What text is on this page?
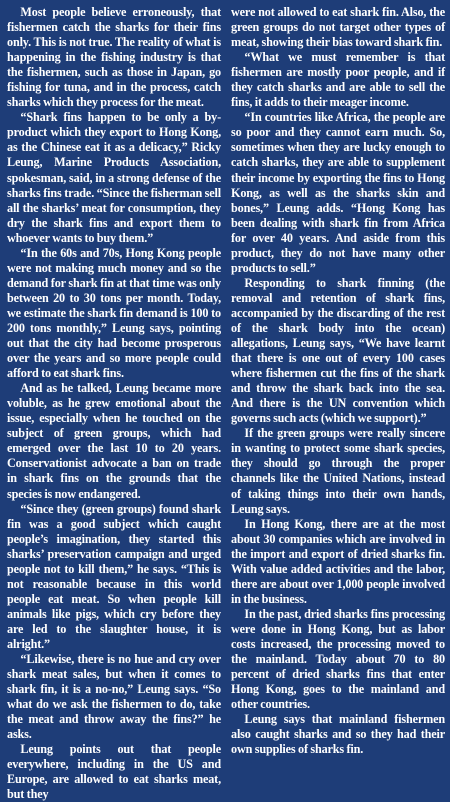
Most people believe erroneously, that fishermen catch the sharks for their fins only. This is not true. The reality of what is happening in the fishing industry is that the fishermen, such as those in Japan, go fishing for tuna, and in the process, catch sharks which they process for the meat.

“Shark fins happen to be only a by-product which they export to Hong Kong, as the Chinese eat it as a delicacy,” Ricky Leung, Marine Products Association, spokesman, said, in a strong defense of the sharks fins trade. “Since the fisherman sell all the sharks’ meat for consumption, they dry the shark fins and export them to whoever wants to buy them.”

“In the 60s and 70s, Hong Kong people were not making much money and so the demand for shark fin at that time was only between 20 to 30 tons per month. Today, we estimate the shark fin demand is 100 to 200 tons monthly,” Leung says, pointing out that the city had become prosperous over the years and so more people could afford to eat shark fins.

And as he talked, Leung became more voluble, as he grew emotional about the issue, especially when he touched on the subject of green groups, which had emerged over the last 10 to 20 years. Conservationist advocate a ban on trade in shark fins on the grounds that the species is now endangered.

“Since they (green groups) found shark fin was a good subject which caught people’s imagination, they started this sharks’ preservation campaign and urged people not to kill them,” he says. “This is not reasonable because in this world people eat meat. So when people kill animals like pigs, which cry before they are led to the slaughter house, it is alright.”

“Likewise, there is no hue and cry over shark meat sales, but when it comes to shark fin, it is a no-no,” Leung says. “So what do we ask the fishermen to do, take the meat and throw away the fins?” he asks.

Leung points out that people everywhere, including in the US and Europe, are allowed to eat sharks meat, but they

were not allowed to eat shark fin. Also, the green groups do not target other types of meat, showing their bias toward shark fin.

“What we must remember is that fishermen are mostly poor people, and if they catch sharks and are able to sell the fins, it adds to their meager income.

“In countries like Africa, the people are so poor and they cannot earn much. So, sometimes when they are lucky enough to catch sharks, they are able to supplement their income by exporting the fins to Hong Kong, as well as the sharks skin and bones,” Leung adds. “Hong Kong has been dealing with shark fin from Africa for over 40 years. And aside from this product, they do not have many other products to sell.”

Responding to shark finning (the removal and retention of shark fins, accompanied by the discarding of the rest of the shark body into the ocean) allegations, Leung says, “We have learnt that there is one out of every 100 cases where fishermen cut the fins of the shark and throw the shark back into the sea. And there is the UN convention which governs such acts (which we support).”

If the green groups were really sincere in wanting to protect some shark species, they should go through the proper channels like the United Nations, instead of taking things into their own hands, Leung says.

In Hong Kong, there are at the most about 30 companies which are involved in the import and export of dried sharks fin. With value added activities and the labor, there are about over 1,000 people involved in the business.

In the past, dried sharks fins processing were done in Hong Kong, but as labor costs increased, the processing moved to the mainland. Today about 70 to 80 percent of dried sharks fins that enter Hong Kong, goes to the mainland and other countries.

Leung says that mainland fishermen also caught sharks and so they had their own supplies of sharks fin.
